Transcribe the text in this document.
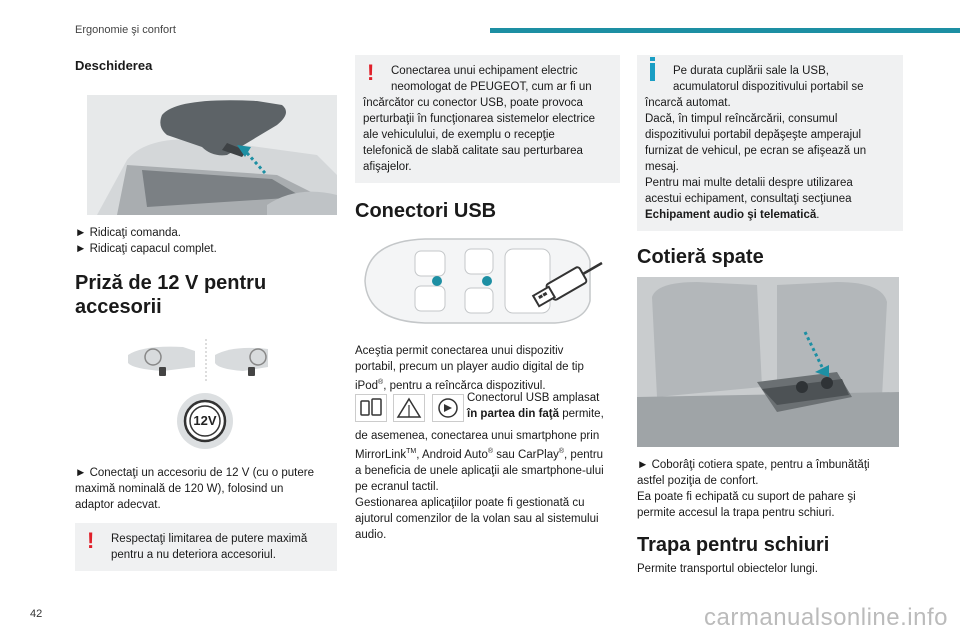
Ergonomie şi confort
Deschiderea

► Ridicaţi comanda.

► Ridicaţi capacul complet.

Priză de 12 V pentru
accesorii
12V

► Conectaţi un accesoriu de 12 V (cu o putere

maximă nominală de 120 W), folosind un

adaptor adecvat.

! Respectaţi limitarea de putere maximă

pentru a nu deteriora accesoriul.

! Conectarea unui echipament electric

neomologat de PEUGEOT, cum ar fi un

încărcător cu conector USB, poate provoca

perturbaţii în funcţionarea sistemelor electrice

ale vehiculului, de exemplu o recepţie

telefonică de slabă calitate sau perturbarea

afişajelor.

Conectori USB

Aceştia permit conectarea unui dispozitiv

portabil, precum un player audio digital de tip

iPod®, pentru a reîncărca dispozitivul.

Conectorul USB amplasat

în partea din faţă permite,

de asemenea, conectarea unui smartphone prin

MirrorLink™, Android Auto® sau CarPlay®, pentru

a beneficia de unele aplicaţii ale smartphone-ului

pe ecranul tactil.

Gestionarea aplicaţiilor poate fi gestionată cu

ajutorul comenzilor de la volan sau al sistemului

audio.

Pe durata cuplării sale la USB,

acumulatorul dispozitivului portabil se

încarcă automat.

Dacă, în timpul reîncărcării, consumul

dispozitivului portabil depăşeşte amperajul

furnizat de vehicul, pe ecran se afişează un

mesaj.

Pentru mai multe detalii despre utilizarea

acestui echipament, consultaţi secţiunea

Echipament audio şi telematică.

Cotieră spate

► Coborâţi cotiera spate, pentru a îmbunătăţi

astfel poziţia de confort.

Ea poate fi echipată cu suport de pahare şi

permite accesul la trapa pentru schiuri.

Trapa pentru schiuri

Permite transportul obiectelor lungi.

42	carmanualsonline.info
